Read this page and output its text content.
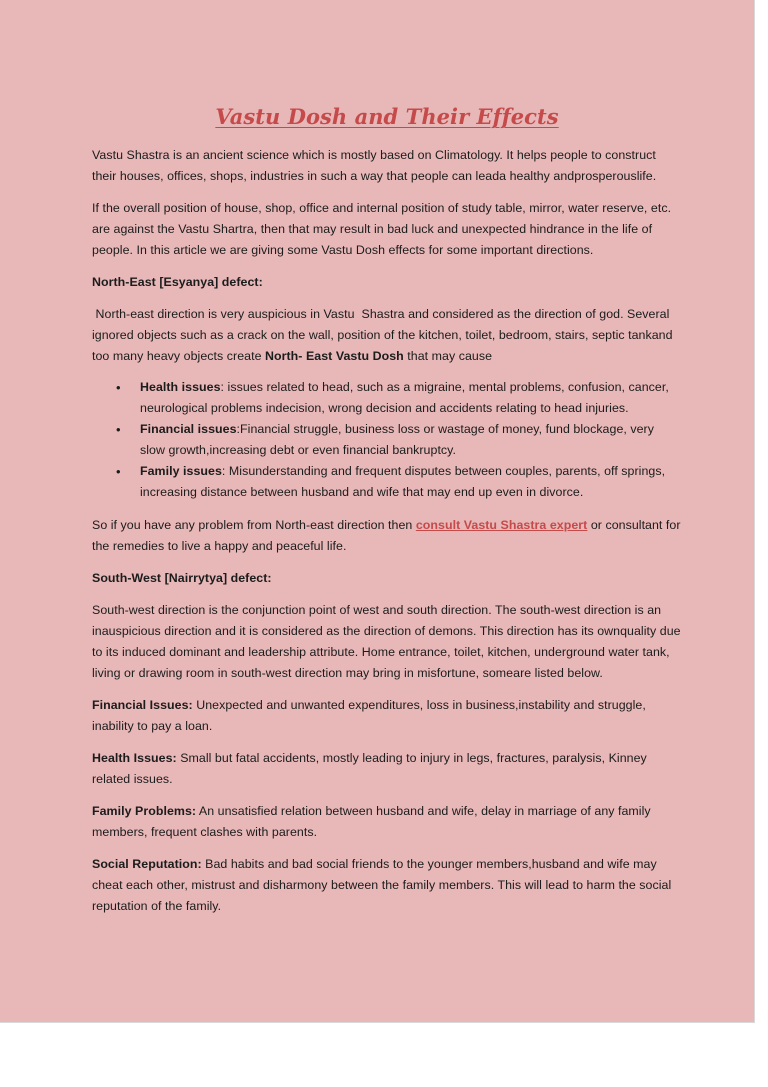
Vastu Dosh and Their Effects

Vastu Shastra is an ancient science which is mostly based on Climatology. It helps people to construct their houses, offices, shops, industries in such a way that people can leada healthy andprosperouslife.

If the overall position of house, shop, office and internal position of study table, mirror, water reserve, etc. are against the Vastu Shartra, then that may result in bad luck and unexpected hindrance in the life of people. In this article we are giving some Vastu Dosh effects for some important directions.

North-East [Esyanya] defect:

North-east direction is very auspicious in Vastu  Shastra and considered as the direction of god. Several ignored objects such as a crack on the wall, position of the kitchen, toilet, bedroom, stairs, septic tankand too many heavy objects create North- East Vastu Dosh that may cause

• Health issues: issues related to head, such as a migraine, mental problems, confusion, cancer, neurological problems indecision, wrong decision and accidents relating to head injuries.
• Financial issues:Financial struggle, business loss or wastage of money, fund blockage, very slow growth,increasing debt or even financial bankruptcy.
• Family issues: Misunderstanding and frequent disputes between couples, parents, off springs, increasing distance between husband and wife that may end up even in divorce.

So if you have any problem from North-east direction then consult Vastu Shastra expert or consultant for the remedies to live a happy and peaceful life.

South-West [Nairrytya] defect:

South-west direction is the conjunction point of west and south direction. The south-west direction is an inauspicious direction and it is considered as the direction of demons. This direction has its ownquality due to its induced dominant and leadership attribute. Home entrance, toilet, kitchen, underground water tank, living or drawing room in south-west direction may bring in misfortune, someare listed below.

Financial Issues: Unexpected and unwanted expenditures, loss in business,instability and struggle, inability to pay a loan.

Health Issues: Small but fatal accidents, mostly leading to injury in legs, fractures, paralysis, Kinney related issues.

Family Problems: An unsatisfied relation between husband and wife, delay in marriage of any family members, frequent clashes with parents.

Social Reputation: Bad habits and bad social friends to the younger members,husband and wife may cheat each other, mistrust and disharmony between the family members. This will lead to harm the social reputation of the family.
